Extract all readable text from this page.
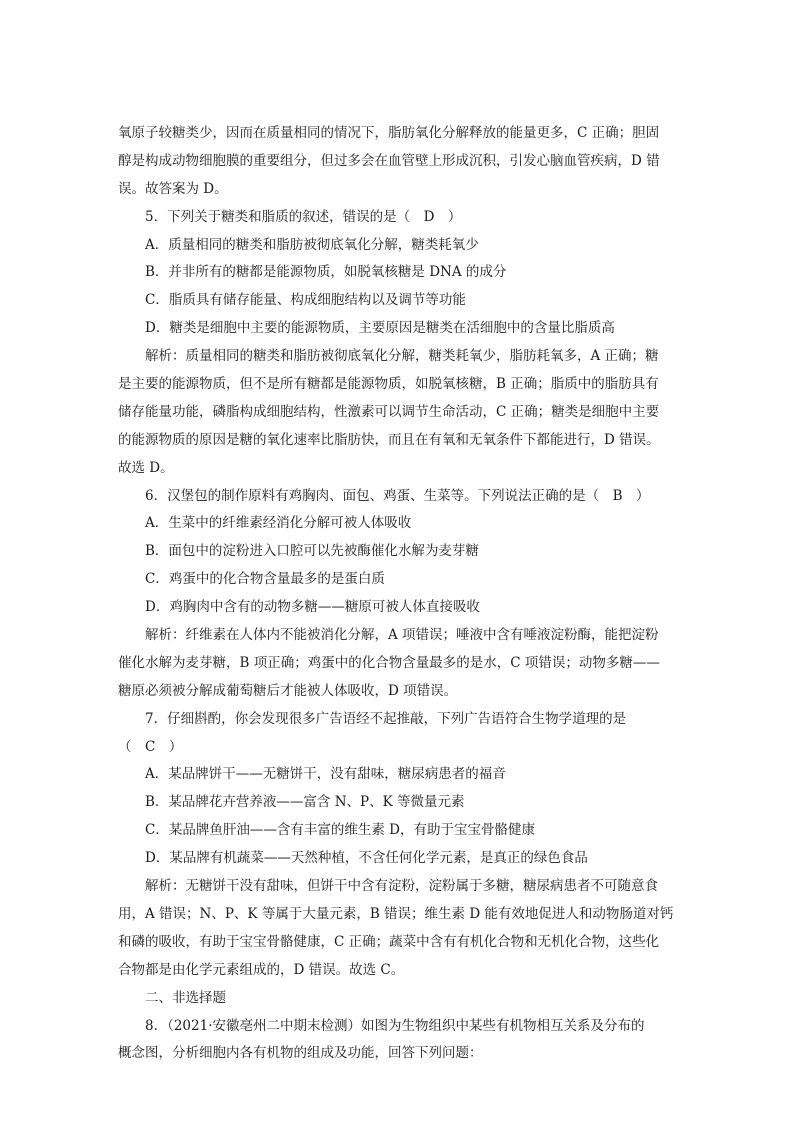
氧原子较糖类少，因而在质量相同的情况下，脂肪氧化分解释放的能量更多，C 正确；胆固
醇是构成动物细胞膜的重要组分，但过多会在血管壁上形成沉积，引发心脑血管疾病，D 错
误。故答案为 D。
5．下列关于糖类和脂质的叙述，错误的是（　D　）
A．质量相同的糖类和脂肪被彻底氧化分解，糖类耗氧少
B．并非所有的糖都是能源物质，如脱氧核糖是 DNA 的成分
C．脂质具有储存能量、构成细胞结构以及调节等功能
D．糖类是细胞中主要的能源物质，主要原因是糖类在活细胞中的含量比脂质高
解析：质量相同的糖类和脂肪被彻底氧化分解，糖类耗氧少，脂肪耗氧多，A 正确；糖
是主要的能源物质，但不是所有糖都是能源物质，如脱氧核糖，B 正确；脂质中的脂肪具有
储存能量功能，磷脂构成细胞结构，性激素可以调节生命活动，C 正确；糖类是细胞中主要
的能源物质的原因是糖的氧化速率比脂肪快，而且在有氧和无氧条件下都能进行，D 错误。
故选 D。
6．汉堡包的制作原料有鸡胸肉、面包、鸡蛋、生菜等。下列说法正确的是（　B　）
A．生菜中的纤维素经消化分解可被人体吸收
B．面包中的淀粉进入口腔可以先被酶催化水解为麦芽糖
C．鸡蛋中的化合物含量最多的是蛋白质
D．鸡胸肉中含有的动物多糖——糖原可被人体直接吸收
解析：纤维素在人体内不能被消化分解，A 项错误；唾液中含有唾液淀粉酶，能把淀粉
催化水解为麦芽糖，B 项正确；鸡蛋中的化合物含量最多的是水，C 项错误；动物多糖——
糖原必须被分解成葡萄糖后才能被人体吸收，D 项错误。
7．仔细斟酌，你会发现很多广告语经不起推敲，下列广告语符合生物学道理的是
（　C　）
A．某品牌饼干——无糖饼干，没有甜味，糖尿病患者的福音
B．某品牌花卉营养液——富含 N、P、K 等微量元素
C．某品牌鱼肝油——含有丰富的维生素 D，有助于宝宝骨骼健康
D．某品牌有机蔬菜——天然种植，不含任何化学元素，是真正的绿色食品
解析：无糖饼干没有甜味，但饼干中含有淀粉，淀粉属于多糖，糖尿病患者不可随意食
用，A 错误；N、P、K 等属于大量元素，B 错误；维生素 D 能有效地促进人和动物肠道对钙
和磷的吸收，有助于宝宝骨骼健康，C 正确；蔬菜中含有有机化合物和无机化合物，这些化
合物都是由化学元素组成的，D 错误。故选 C。
二、非选择题
8．（2021·安徽亳州二中期末检测）如图为生物组织中某些有机物相互关系及分布的
概念图，分析细胞内各有机物的组成及功能，回答下列问题：
